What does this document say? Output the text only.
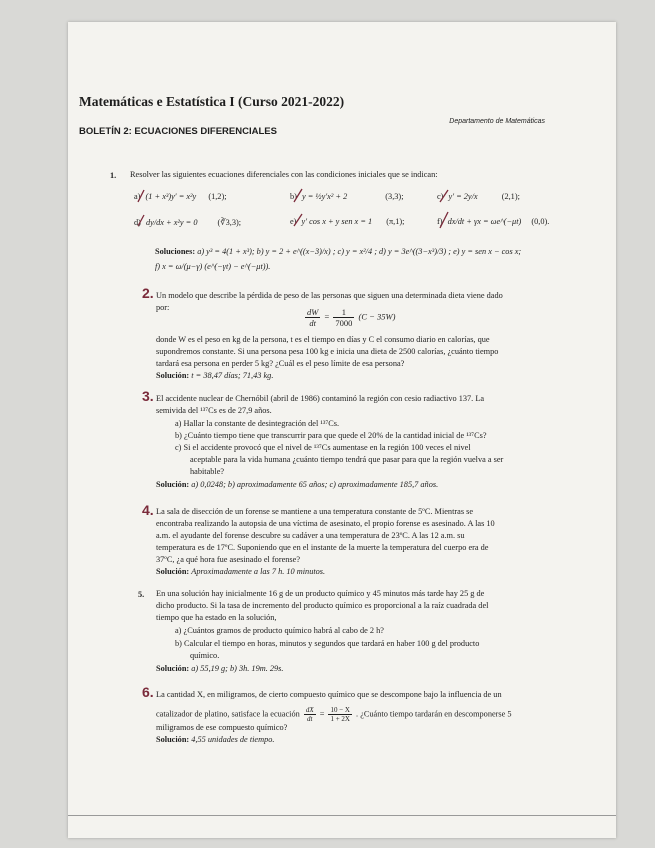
Matemáticas e Estatística I (Curso 2021-2022)
Departamento de Matemáticas
BOLETÍN 2: ECUACIONES DIFERENCIALES
1. Resolver las siguientes ecuaciones diferenciales con las condiciones iniciales que se indican:
a) (1 + x³)y′ = x²y (1,2);	b) y = ½y′x² + 2	(3,3);	c) y′ = 2y/x	(2,1);
d) dy/dx + x²y = 0 (∛3,3);	e) y′ cos x + y sen x = 1 (π,1);	f) dx/dt + γx = ωe^(−μt) (0,0).
Soluciones: a) y³ = 4(1 + x³); b) y = 2 + e^((x−3)/x) ; c) y = x²/4 ; d) y = 3e^((3−x³)/3) ; e) y = sen x − cos x;
f) x = ω/(μ−γ) (e^(−γt) − e^(−μt)).
2. Un modelo que describe la pérdida de peso de las personas que siguen una determinada dieta viene dado
por:	$\frac{dW}{dt} = \frac{1}{7000} (C - 35W)$
donde W es el peso en kg de la persona, t es el tiempo en días y C el consumo diario en calorías, que
supondremos constante. Si una persona pesa 100 kg e inicia una dieta de 2500 calorías, ¿cuánto tiempo
tardará esa persona en perder 5 kg? ¿Cuál es el peso límite de esa persona?
Solución: t = 38,47 días; 71,43 kg.
3. El accidente nuclear de Chernóbil (abril de 1986) contaminó la región con cesio radiactivo 137. La
semivida del ¹³⁷Cs es de 27,9 años.
a) Hallar la constante de desintegración del ¹³⁷Cs.
b) ¿Cuánto tiempo tiene que transcurrir para que quede el 20% de la cantidad inicial de ¹³⁷Cs?
c) Si el accidente provocó que el nivel de ¹³⁷Cs aumentase en la región 100 veces el nivel
aceptable para la vida humana ¿cuánto tiempo tendrá que pasar para que la región vuelva a ser
habitable?
Solución: a) 0,0248; b) aproximadamente 65 años; c) aproximadamente 185,7 años.
4. La sala de disección de un forense se mantiene a una temperatura constante de 5ºC. Mientras se
encontraba realizando la autopsia de una víctima de asesinato, el propio forense es asesinado. A las 10
a.m. el ayudante del forense descubre su cadáver a una temperatura de 23ºC. A las 12 a.m. su
temperatura es de 17ºC. Suponiendo que en el instante de la muerte la temperatura del cuerpo era de
37ºC, ¿a qué hora fue asesinado el forense?
Solución: Aproximadamente a las 7 h. 10 minutos.
5. En una solución hay inicialmente 16 g de un producto químico y 45 minutos más tarde hay 25 g de
dicho producto. Si la tasa de incremento del producto químico es proporcional a la raíz cuadrada del
tiempo que ha estado en la solución,
a) ¿Cuántos gramos de producto químico habrá al cabo de 2 h?
b) Calcular el tiempo en horas, minutos y segundos que tardará en haber 100 g del producto
químico.
Solución: a) 55,19 g; b) 3h. 19m. 29s.
6. La cantidad X, en miligramos, de cierto compuesto químico que se descompone bajo la influencia de un
catalizador de platino, satisface la ecuación $\frac{dX}{dt} = \frac{10 - X}{1 + 2X}$ . ¿Cuánto tiempo tardarán en descomponerse 5
miligramos de ese compuesto químico?
Solución: 4,55 unidades de tiempo.
